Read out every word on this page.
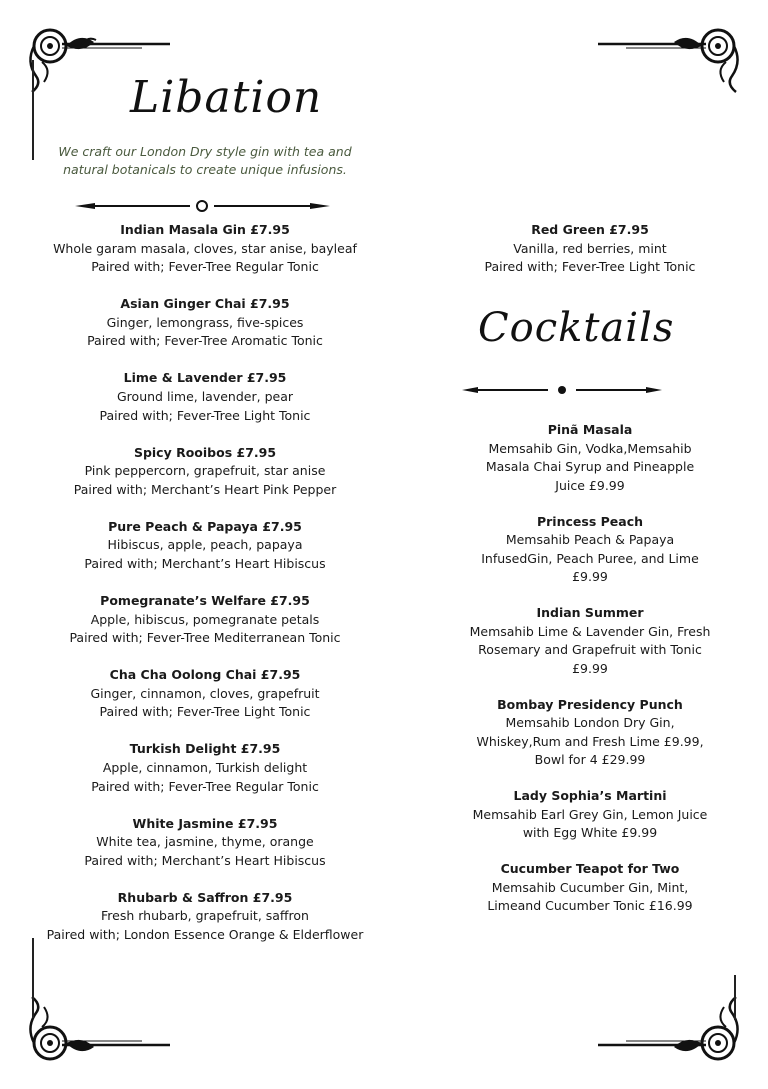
Libation
We craft our London Dry style gin with tea and natural botanicals to create unique infusions.
Indian Masala Gin £7.95
Whole garam masala, cloves, star anise, bayleaf
Paired with; Fever-Tree Regular Tonic
Asian Ginger Chai £7.95
Ginger, lemongrass, five-spices
Paired with; Fever-Tree Aromatic Tonic
Lime & Lavender £7.95
Ground lime, lavender, pear
Paired with; Fever-Tree Light Tonic
Spicy Rooibos £7.95
Pink peppercorn, grapefruit, star anise
Paired with; Merchant’s Heart Pink Pepper
Pure Peach & Papaya £7.95
Hibiscus, apple, peach, papaya
Paired with; Merchant’s Heart Hibiscus
Pomegranate’s Welfare £7.95
Apple, hibiscus, pomegranate petals
Paired with; Fever-Tree Mediterranean Tonic
Cha Cha Oolong Chai £7.95
Ginger, cinnamon, cloves, grapefruit
Paired with; Fever-Tree Light Tonic
Turkish Delight £7.95
Apple, cinnamon, Turkish delight
Paired with; Fever-Tree Regular Tonic
White Jasmine £7.95
White tea, jasmine, thyme, orange
Paired with; Merchant’s Heart Hibiscus
Rhubarb & Saffron £7.95
Fresh rhubarb, grapefruit, saffron
Paired with; London Essence Orange & Elderflower
Red Green £7.95
Vanilla, red berries, mint
Paired with; Fever-Tree Light Tonic
Cocktails
Pinã Masala
Memsahib Gin, Vodka,Memsahib
Masala Chai Syrup and Pineapple
Juice £9.99
Princess Peach
Memsahib Peach & Papaya
InfusedGin, Peach Puree, and Lime
£9.99
Indian Summer
Memsahib Lime & Lavender Gin, Fresh
Rosemary and Grapefruit with Tonic
£9.99
Bombay Presidency Punch
Memsahib London Dry Gin,
Whiskey,Rum and Fresh Lime £9.99,
Bowl for 4 £29.99
Lady Sophia’s Martini
Memsahib Earl Grey Gin, Lemon Juice
with Egg White £9.99
Cucumber Teapot for Two
Memsahib Cucumber Gin, Mint,
Limeand Cucumber Tonic £16.99
